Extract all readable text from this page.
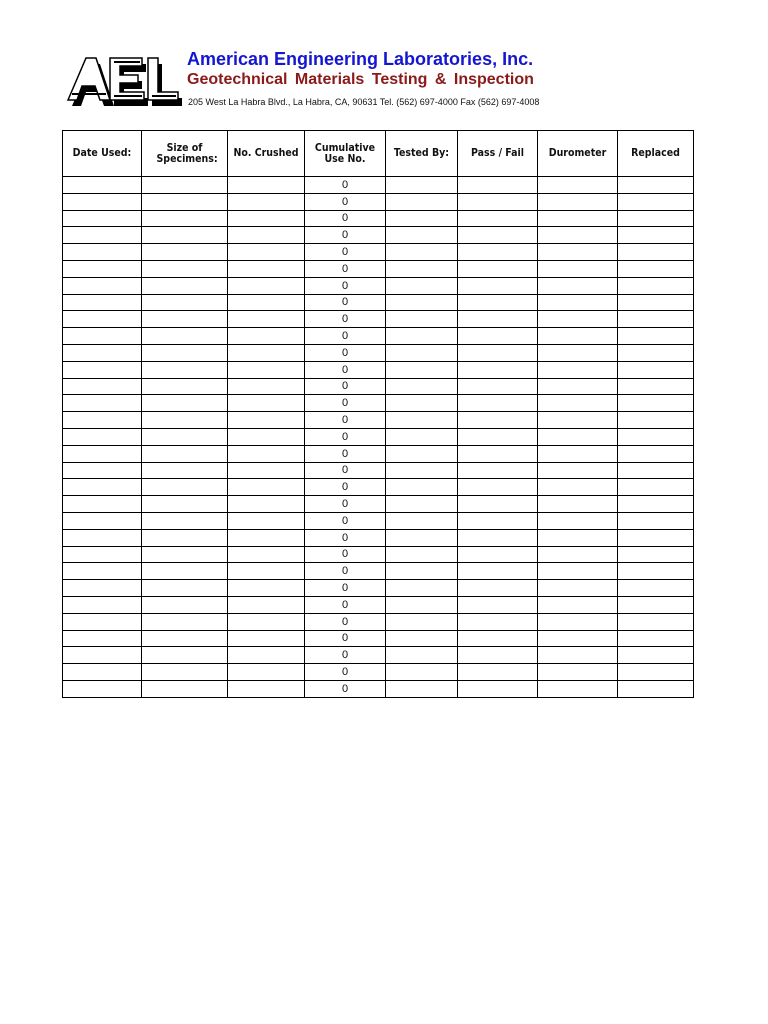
American Engineering Laboratories, Inc.
Geotechnical Materials Testing & Inspection
205 West La Habra Blvd., La Habra, CA, 90631 Tel. (562) 697-4000 Fax (562) 697-4008
Date Used:	Size of Specimens:	No. Crushed	Cumulative Use No.	Tested By:	Pass / Fail	Durometer	Replaced
			0				
			0				
			0				
			0				
			0				
			0				
			0				
			0				
			0				
			0				
			0				
			0				
			0				
			0				
			0				
			0				
			0				
			0				
			0				
			0				
			0				
			0				
			0				
			0				
			0				
			0				
			0				
			0				
			0				
			0				
			0				
